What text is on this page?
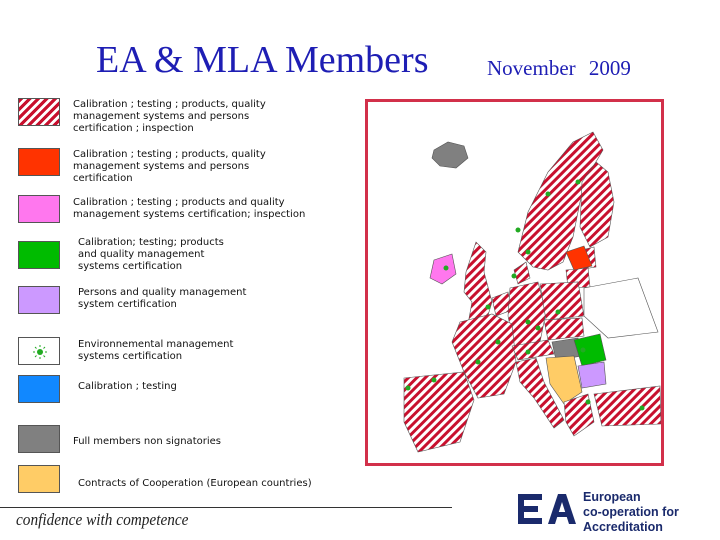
EA & MLA Members	November 2009
Calibration ; testing ; products, quality
management systems and persons
certification ; inspection
Calibration ; testing ; products, quality
management systems and persons
certification
Calibration ; testing ; products and quality
management systems certification; inspection
Calibration; testing; products
and quality management
systems certification
Persons and quality management
system certification
Environnemental management
systems certification
Calibration ; testing
Full members non signatories
Contracts of Cooperation (European countries)
confidence with competence
European
co-operation for
Accreditation
